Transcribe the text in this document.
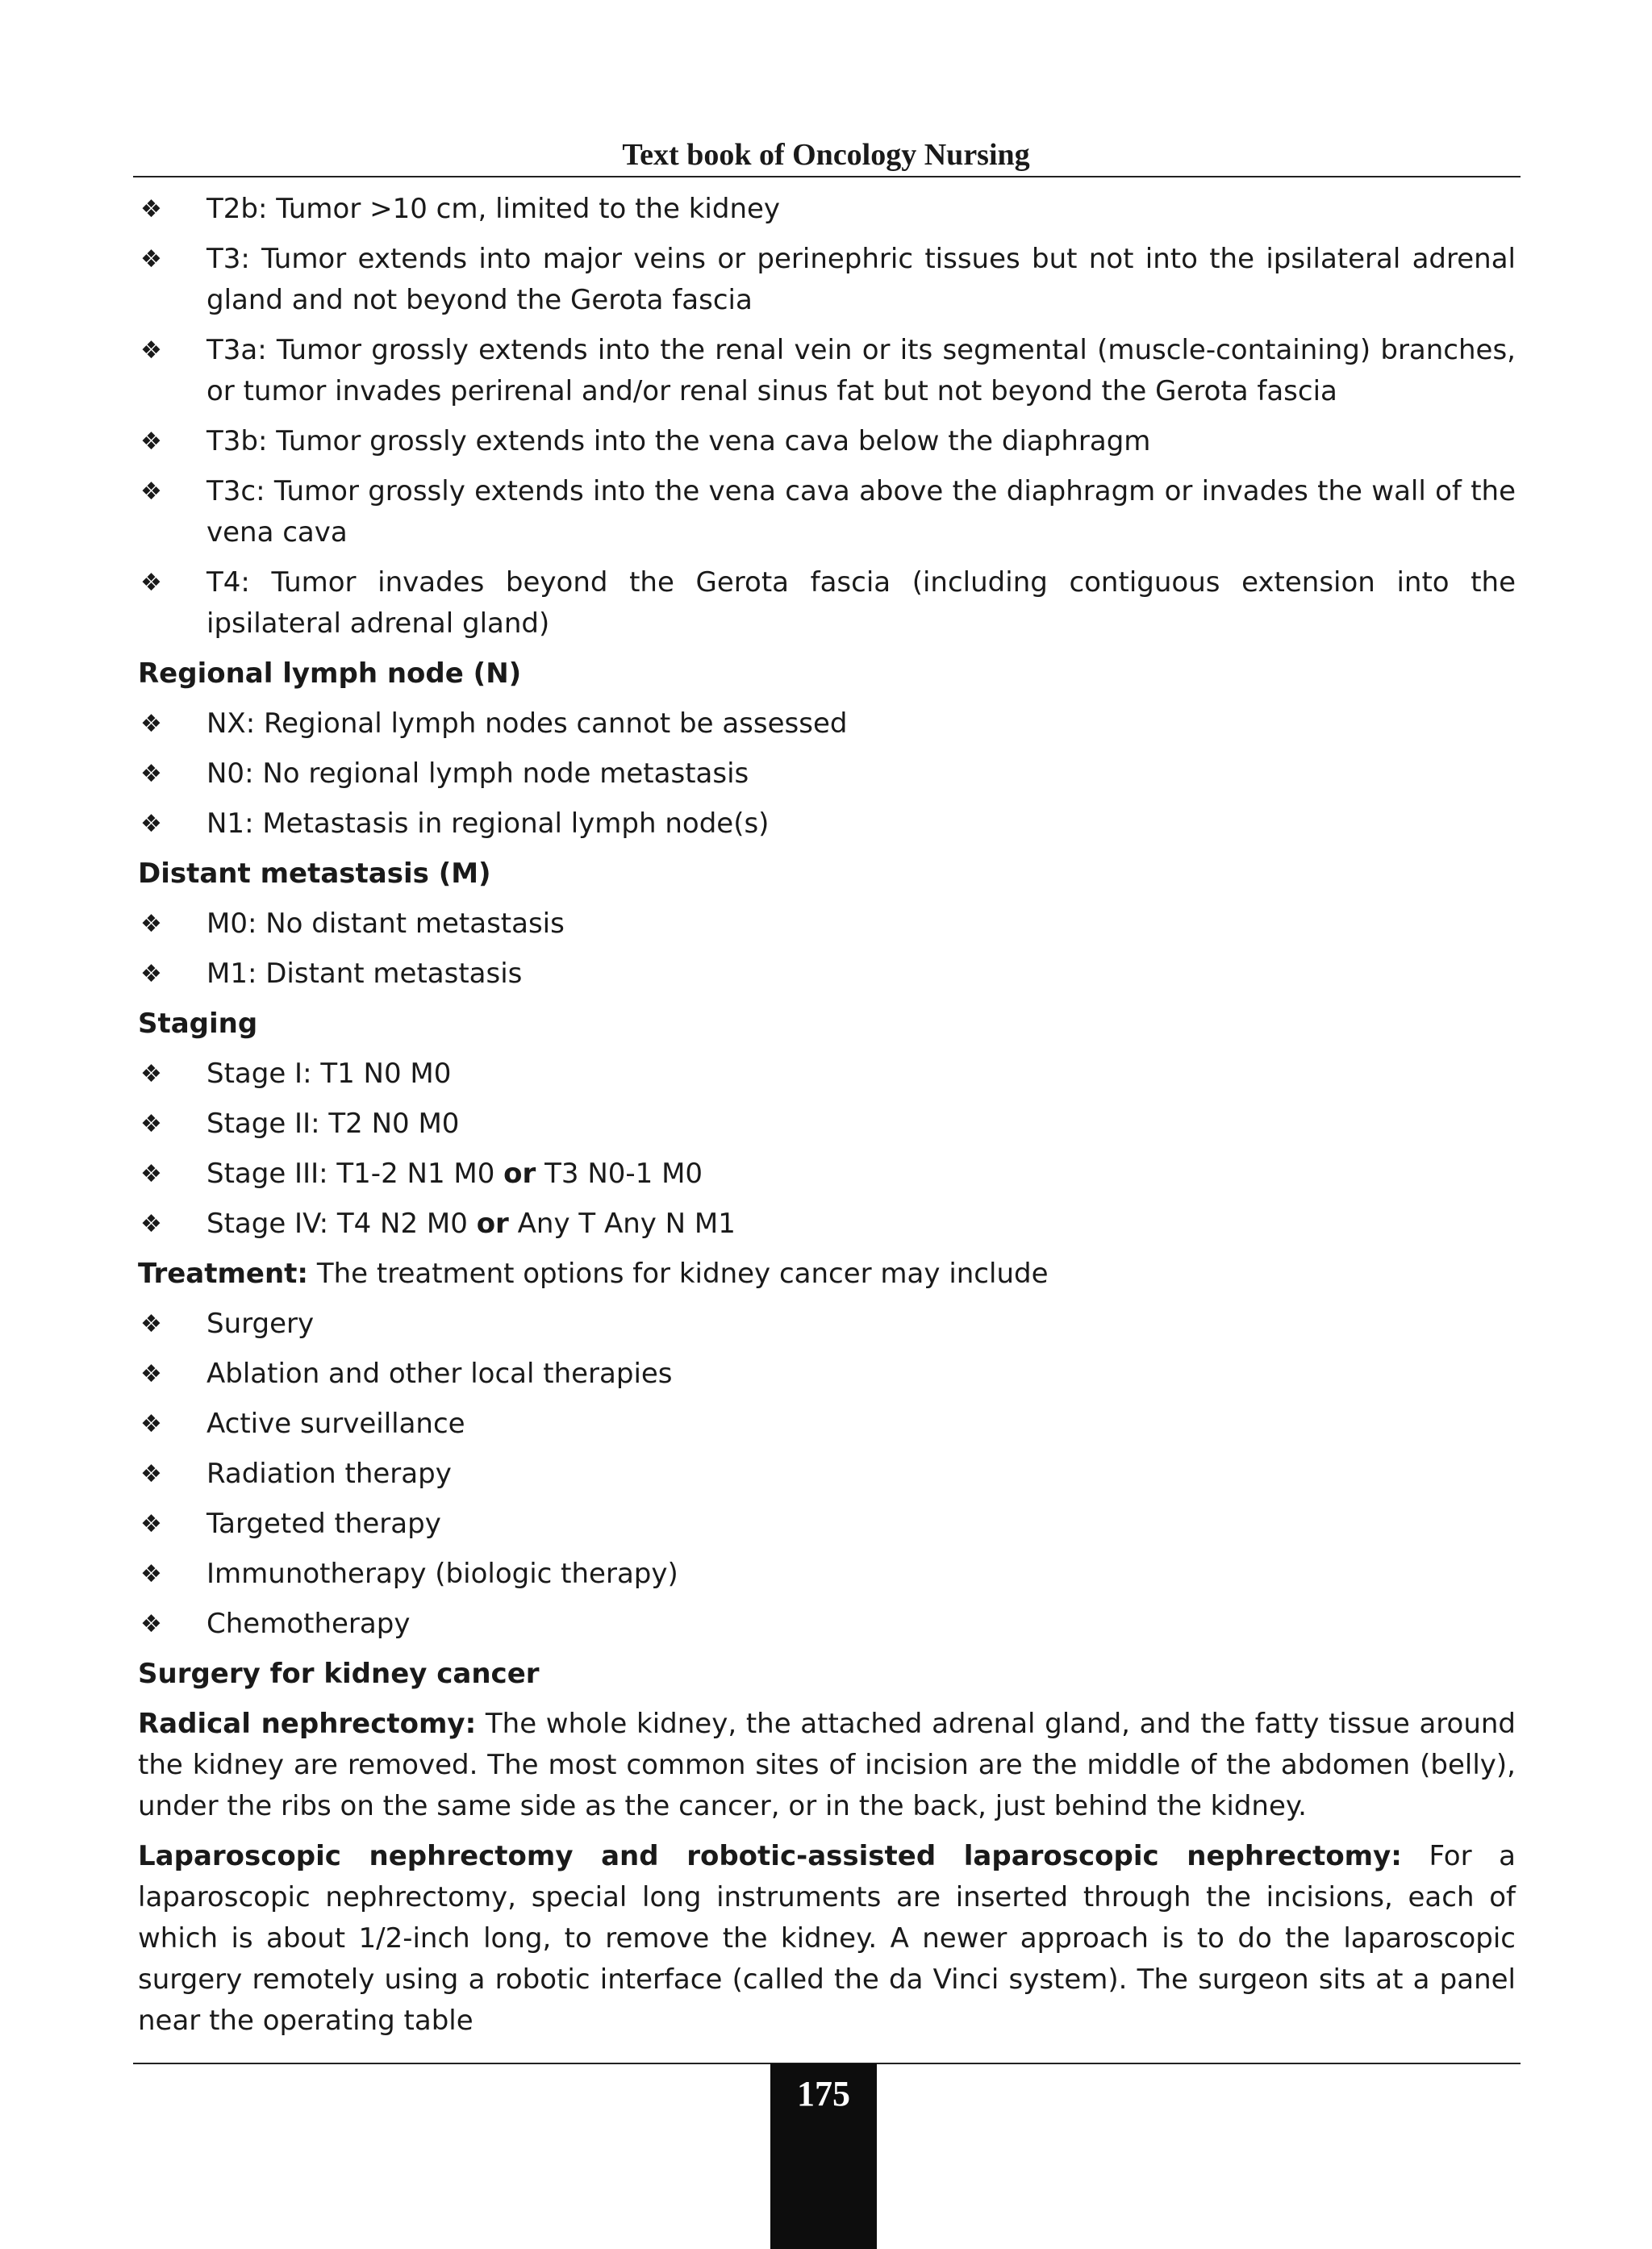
Text book of Oncology Nursing
❖ T2b: Tumor >10 cm, limited to the kidney
❖ T3: Tumor extends into major veins or perinephric tissues but not into the ipsilateral adrenal gland and not beyond the Gerota fascia
❖ T3a: Tumor grossly extends into the renal vein or its segmental (muscle-containing) branches, or tumor invades perirenal and/or renal sinus fat but not beyond the Gerota fascia
❖ T3b: Tumor grossly extends into the vena cava below the diaphragm
❖ T3c: Tumor grossly extends into the vena cava above the diaphragm or invades the wall of the vena cava
❖ T4: Tumor invades beyond the Gerota fascia (including contiguous extension into the ipsilateral adrenal gland)
Regional lymph node (N)
❖ NX: Regional lymph nodes cannot be assessed
❖ N0: No regional lymph node metastasis
❖ N1: Metastasis in regional lymph node(s)
Distant metastasis (M)
❖ M0: No distant metastasis
❖ M1: Distant metastasis
Staging
❖ Stage I: T1 N0 M0
❖ Stage II: T2 N0 M0
❖ Stage III: T1-2 N1 M0 or T3 N0-1 M0
❖ Stage IV: T4 N2 M0 or Any T Any N M1
Treatment: The treatment options for kidney cancer may include
❖ Surgery
❖ Ablation and other local therapies
❖ Active surveillance
❖ Radiation therapy
❖ Targeted therapy
❖ Immunotherapy (biologic therapy)
❖ Chemotherapy
Surgery for kidney cancer
Radical nephrectomy: The whole kidney, the attached adrenal gland, and the fatty tissue around the kidney are removed. The most common sites of incision are the middle of the abdomen (belly), under the ribs on the same side as the cancer, or in the back, just behind the kidney.
Laparoscopic nephrectomy and robotic-assisted laparoscopic nephrectomy: For a laparoscopic nephrectomy, special long instruments are inserted through the incisions, each of which is about 1/2-inch long, to remove the kidney. A newer approach is to do the laparoscopic surgery remotely using a robotic interface (called the da Vinci system). The surgeon sits at a panel near the operating table
175
